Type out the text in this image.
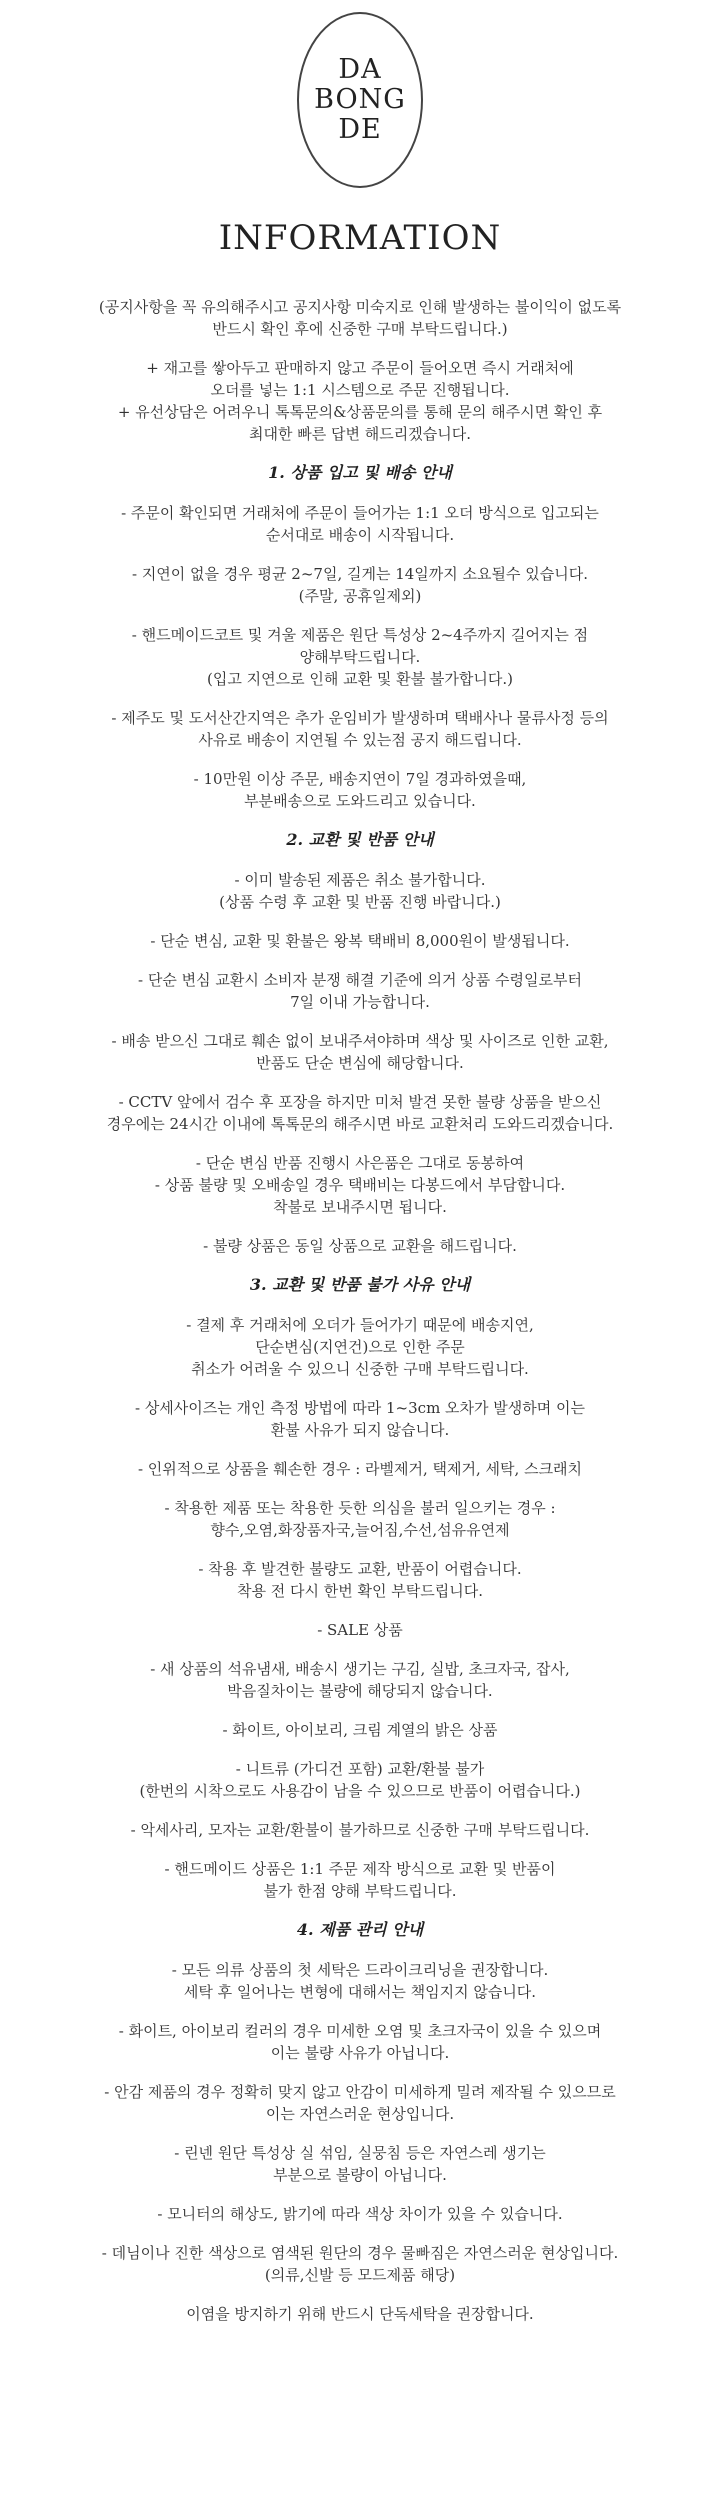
DA
BONG
DE
INFORMATION
(공지사항을 꼭 유의해주시고 공지사항 미숙지로 인해 발생하는 불이익이 없도록
반드시 확인 후에 신중한 구매 부탁드립니다.)
+ 재고를 쌓아두고 판매하지 않고 주문이 들어오면 즉시 거래처에
오더를 넣는 1:1 시스템으로 주문 진행됩니다.
+ 유선상담은 어려우니 톡톡문의&상품문의를 통해 문의 해주시면 확인 후
최대한 빠른 답변 해드리겠습니다.
1. 상품 입고 및 배송 안내
- 주문이 확인되면 거래처에 주문이 들어가는 1:1 오더 방식으로 입고되는
순서대로 배송이 시작됩니다.
- 지연이 없을 경우 평균 2~7일, 길게는 14일까지 소요될수 있습니다.
(주말, 공휴일제외)
- 핸드메이드코트 및 겨울 제품은 원단 특성상 2~4주까지 길어지는 점
양해부탁드립니다.
(입고 지연으로 인해 교환 및 환불 불가합니다.)
- 제주도 및 도서산간지역은 추가 운임비가 발생하며 택배사나 물류사정 등의
사유로 배송이 지연될 수 있는점 공지 해드립니다.
- 10만원 이상 주문, 배송지연이 7일 경과하였을때,
부분배송으로 도와드리고 있습니다.
2. 교환 및 반품 안내
- 이미 발송된 제품은 취소 불가합니다.
(상품 수령 후 교환 및 반품 진행 바랍니다.)
- 단순 변심, 교환 및 환불은 왕복 택배비 8,000원이 발생됩니다.
- 단순 변심 교환시 소비자 분쟁 해결 기준에 의거 상품 수령일로부터
7일 이내 가능합니다.
- 배송 받으신 그대로 훼손 없이 보내주셔야하며 색상 및 사이즈로 인한 교환,
반품도 단순 변심에 해당합니다.
- CCTV 앞에서 검수 후 포장을 하지만 미처 발견 못한 불량 상품을 받으신
경우에는 24시간 이내에 톡톡문의 해주시면 바로 교환처리 도와드리겠습니다.
- 단순 변심 반품 진행시 사은품은 그대로 동봉하여
- 상품 불량 및 오배송일 경우 택배비는 다봉드에서 부담합니다.
착불로 보내주시면 됩니다.
- 불량 상품은 동일 상품으로 교환을 해드립니다.
3. 교환 및 반품 불가 사유 안내
- 결제 후 거래처에 오더가 들어가기 때문에 배송지연,
단순변심(지연건)으로 인한 주문
취소가 어려울 수 있으니 신중한 구매 부탁드립니다.
- 상세사이즈는 개인 측정 방법에 따라 1~3cm 오차가 발생하며 이는
환불 사유가 되지 않습니다.
- 인위적으로 상품을 훼손한 경우 : 라벨제거, 택제거, 세탁, 스크래치
- 착용한 제품 또는 착용한 듯한 의심을 불러 일으키는 경우 :
향수,오염,화장품자국,늘어짐,수선,섬유유연제
- 착용 후 발견한 불량도 교환, 반품이 어렵습니다.
착용 전 다시 한번 확인 부탁드립니다.
- SALE 상품
- 새 상품의 석유냄새, 배송시 생기는 구김, 실밥, 초크자국, 잡사,
박음질차이는 불량에 해당되지 않습니다.
- 화이트, 아이보리, 크림 계열의 밝은 상품
- 니트류 (가디건 포함) 교환/환불 불가
(한번의 시착으로도 사용감이 남을 수 있으므로 반품이 어렵습니다.)
- 악세사리, 모자는 교환/환불이 불가하므로 신중한 구매 부탁드립니다.
- 핸드메이드 상품은 1:1 주문 제작 방식으로 교환 및 반품이
불가 한점 양해 부탁드립니다.
4. 제품 관리 안내
- 모든 의류 상품의 첫 세탁은 드라이크리닝을 권장합니다.
세탁 후 일어나는 변형에 대해서는 책임지지 않습니다.
- 화이트, 아이보리 컬러의 경우 미세한 오염 및 초크자국이 있을 수 있으며
이는 불량 사유가 아닙니다.
- 안감 제품의 경우 정확히 맞지 않고 안감이 미세하게 밀려 제작될 수 있으므로
이는 자연스러운 현상입니다.
- 린넨 원단 특성상 실 섞임, 실뭉침 등은 자연스레 생기는
부분으로 불량이 아닙니다.
- 모니터의 해상도, 밝기에 따라 색상 차이가 있을 수 있습니다.
- 데님이나 진한 색상으로 염색된 원단의 경우 물빠짐은 자연스러운 현상입니다.
(의류,신발 등 모드제품 해당)
이염을 방지하기 위해 반드시 단독세탁을 권장합니다.
